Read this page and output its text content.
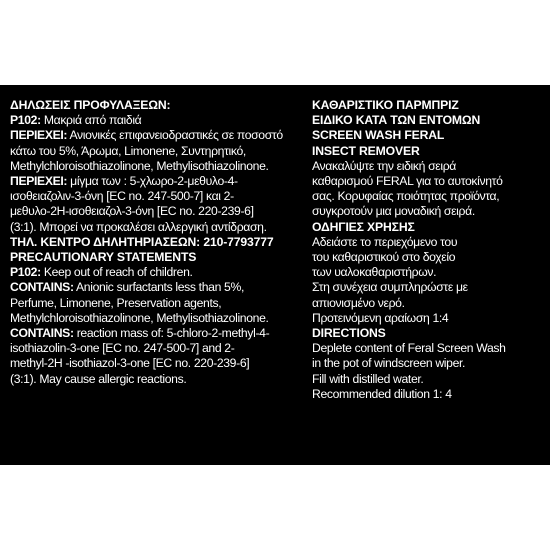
ΔΗΛΩΣΕΙΣ ΠΡΟΦΥΛΑΞΕΩΝ:
P102: Μακριά από παιδιά
ΠΕΡΙΕΧΕΙ: Ανιονικές επιφανειοδραστικές σε ποσοστό
κάτω του 5%, Άρωμα, Limonene, Συντηρητικό,
Methylchloroisothiazolinone, Methylisothiazolinone.
ΠΕΡΙΕΧΕΙ: μίγμα των : 5-χλωρο-2-μεθυλο-4-
ισοθειαζολιν-3-όνη [EC no. 247-500-7] και 2-
μεθυλο-2Η-ισοθειαζολ-3-όνη [EC no. 220-239-6]
(3:1). Μπορεί να προκαλέσει αλλεργική αντίδραση.
ΤΗΛ. ΚΕΝΤΡΟ ΔΗΛΗΤΗΡΙΑΣΕΩΝ: 210-7793777
PRECAUTIONARY STATEMENTS
P102: Keep out of reach of children.
CONTAINS: Anionic surfactants less than 5%,
Perfume, Limonene, Preservation agents,
Methylchloroisothiazolinone, Methylisothiazolinone.
CONTAINS: reaction mass of: 5-chloro-2-methyl-4-
isothiazolin-3-one [EC no. 247-500-7] and 2-
methyl-2H -isothiazol-3-one [EC no. 220-239-6]
(3:1). May cause allergic reactions.
ΚΑΘΑΡΙΣΤΙΚΟ ΠΑΡΜΠΡΙΖ
ΕΙΔΙΚΟ ΚΑΤΑ ΤΩΝ ΕΝΤΟΜΩΝ
SCREEN WASH FERAL
INSECT REMOVER
Ανακαλύψτε την ειδική σειρά
καθαρισμού FERAL για το αυτοκίνητό
σας. Κορυφαίας ποιότητας προϊόντα,
συγκροτούν μια μοναδική σειρά.
ΟΔΗΓΙΕΣ ΧΡΗΣΗΣ
Αδειάστε το περιεχόμενο του
του καθαριστικού στο δοχείο
των υαλοκαθαριστήρων.
Στη συνέχεια συμπληρώστε με
απιονισμένο νερό.
Προτεινόμενη αραίωση 1:4
DIRECTIONS
Deplete content of Feral Screen Wash
in the pot of windscreen wiper.
Fill with distilled water.
Recommended dilution 1: 4
